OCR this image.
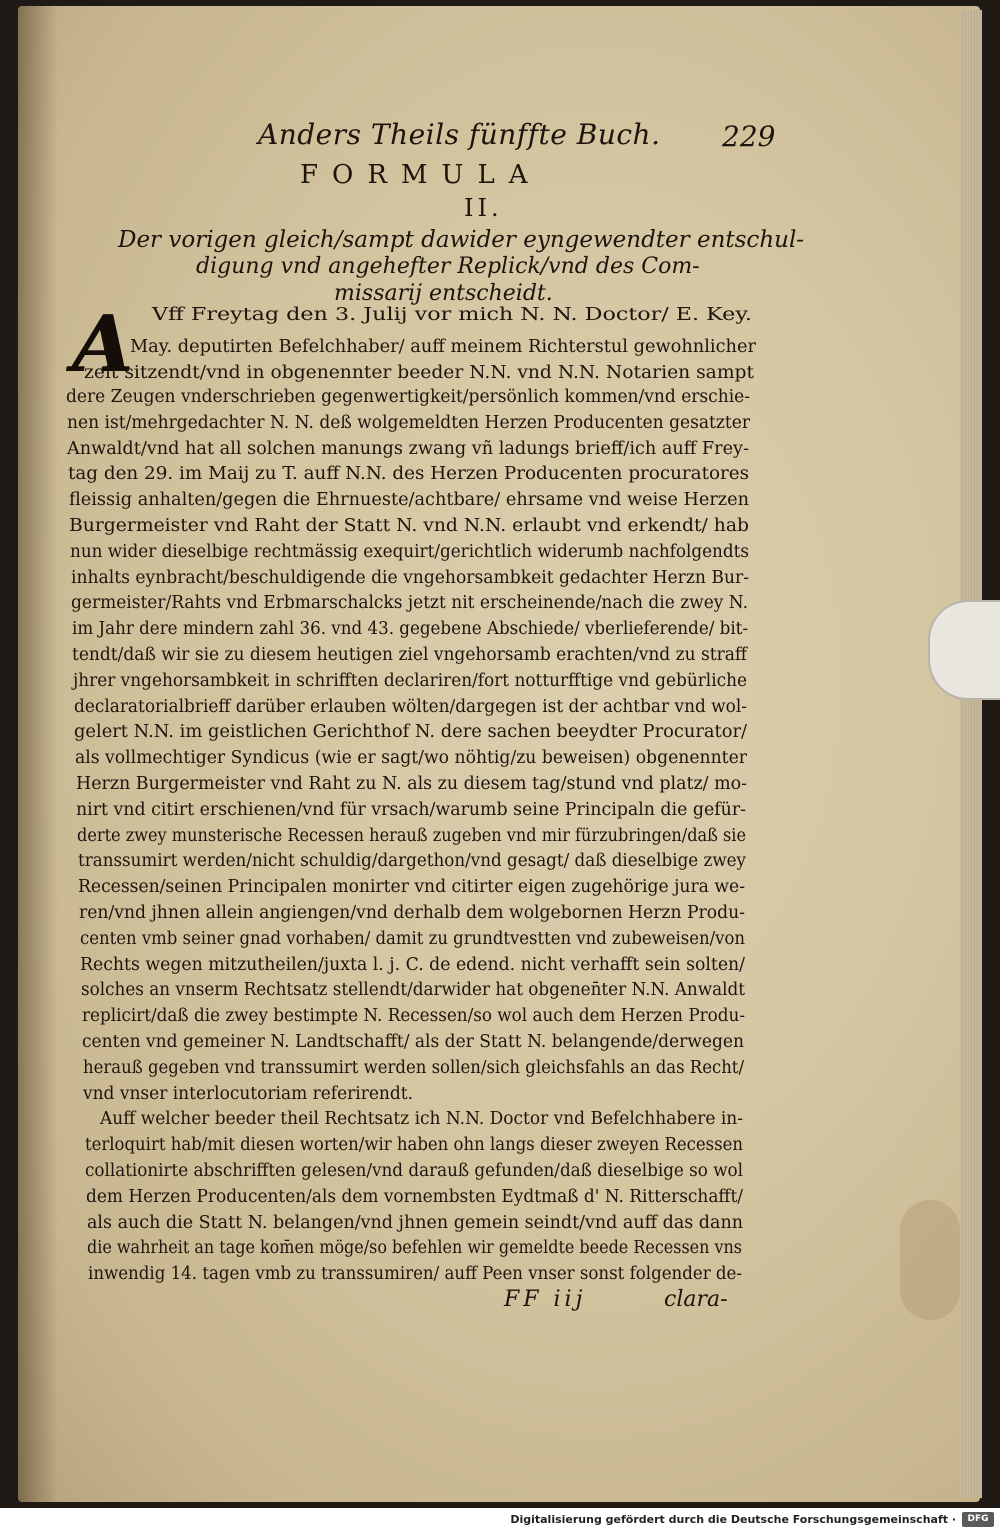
Anders Theils fünffte Buch. 229
FORMULA
II.
Der vorigen gleich/sampt dawider eyngewendter entschul-
digung vnd angehefter Replick/vnd des Com-
missarij entscheidt.
A Vff Freytag den 3. Julij vor mich N. N. Doctor/ E. Key.
May. deputirten Befelchhaber/ auff meinem Richterstul gewohnlicher
zeit sitzendt/vnd in obgenennter beeder N.N. vnd N.N. Notarien sampt
dere Zeugen vnderschrieben gegenwertigkeit/persönlich kommen/vnd erschie-
nen ist/mehrgedachter N. N. deß wolgemeldten Herzen Producenten gesatzter
Anwaldt/vnd hat all solchen manungs zwang vñ ladungs brieff/ich auff Frey-
tag den 29. im Maij zu T. auff N.N. des Herzen Producenten procuratores
fleissig anhalten/gegen die Ehrnueste/achtbare/ ehrsame vnd weise Herzen
Burgermeister vnd Raht der Statt N. vnd N.N. erlaubt vnd erkendt/ hab
nun wider dieselbige rechtmässig exequirt/gerichtlich widerumb nachfolgendts
inhalts eynbracht/beschuldigende die vngehorsambkeit gedachter Herzn Bur-
germeister/Rahts vnd Erbmarschalcks jetzt nit erscheinende/nach die zwey N.
im Jahr dere mindern zahl 36. vnd 43. gegebene Abschiede/ vberlieferende/ bit-
tendt/daß wir sie zu diesem heutigen ziel vngehorsamb erachten/vnd zu straff
jhrer vngehorsambkeit in schrifften declariren/fort notturfftige vnd gebürliche
declaratorialbrieff darüber erlauben wölten/dargegen ist der achtbar vnd wol-
gelert N.N. im geistlichen Gerichthof N. dere sachen beeydter Procurator/
als vollmechtiger Syndicus (wie er sagt/wo nöhtig/zu beweisen) obgenennter
Herzn Burgermeister vnd Raht zu N. als zu diesem tag/stund vnd platz/ mo-
nirt vnd citirt erschienen/vnd für vrsach/warumb seine Principaln die gefür-
derte zwey munsterische Recessen herauß zugeben vnd mir fürzubringen/daß sie
transsumirt werden/nicht schuldig/dargethon/vnd gesagt/ daß dieselbige zwey
Recessen/seinen Principalen monirter vnd citirter eigen zugehörige jura we-
ren/vnd jhnen allein angiengen/vnd derhalb dem wolgebornen Herzn Produ-
centen vmb seiner gnad vorhaben/ damit zu grundtvestten vnd zubeweisen/von
Rechts wegen mitzutheilen/juxta l. j. C. de edend. nicht verhafft sein solten/
solches an vnserm Rechtsatz stellendt/darwider hat obgenen̄ter N.N. Anwaldt
replicirt/daß die zwey bestimpte N. Recessen/so wol auch dem Herzen Produ-
centen vnd gemeiner N. Landtschafft/ als der Statt N. belangende/derwegen
herauß gegeben vnd transsumirt werden sollen/sich gleichsfahls an das Recht/
vnd vnser interlocutoriam referirendt.
Auff welcher beeder theil Rechtsatz ich N.N. Doctor vnd Befelchhabere in-
terloquirt hab/mit diesen worten/wir haben ohn langs dieser zweyen Recessen
collationirte abschrifften gelesen/vnd darauß gefunden/daß dieselbige so wol
dem Herzen Producenten/als dem vornembsten Eydtmaß d' N. Ritterschafft/
als auch die Statt N. belangen/vnd jhnen gemein seindt/vnd auff das dann
die wahrheit an tage kom̄en möge/so befehlen wir gemeldte beede Recessen vns
inwendig 14. tagen vmb zu transsumiren/ auff Peen vnser sonst folgender de-
FF iij	clara-
Digitalisierung gefördert durch die Deutsche Forschungsgemeinschaft ·	DFG
